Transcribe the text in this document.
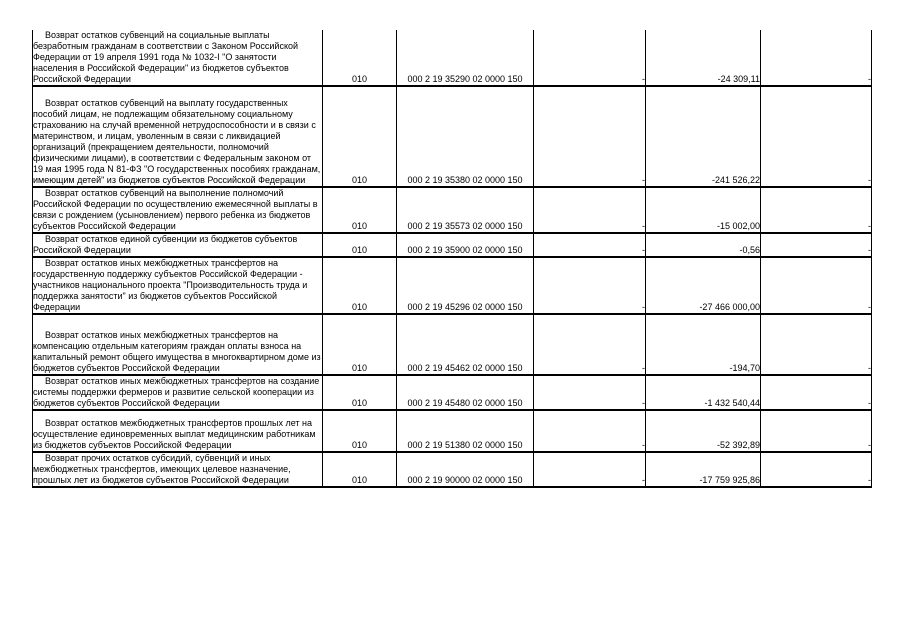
Возврат остатков субвенций на социальные выплаты безработным гражданам в соответствии с Законом Российской Федерации от 19 апреля 1991 года № 1032-I "О занятости населения в Российской Федерации" из бюджетов субъектов Российской Федерации	010	000 2 19 35290 02 0000 150	-	-24 309,11	-
Возврат остатков субвенций на выплату государственных пособий лицам, не подлежащим обязательному социальному страхованию на случай временной нетрудоспособности и в связи с материнством, и лицам, уволенным в связи с ликвидацией организаций (прекращением деятельности, полномочий физическими лицами), в соответствии с Федеральным законом от 19 мая 1995 года N 81-ФЗ "О государственных пособиях гражданам, имеющим детей" из бюджетов субъектов Российской Федерации	010	000 2 19 35380 02 0000 150	-	-241 526,22	-
Возврат остатков субвенций на выполнение полномочий Российской Федерации по осуществлению ежемесячной выплаты в связи с рождением (усыновлением) первого ребенка из бюджетов субъектов Российской Федерации	010	000 2 19 35573 02 0000 150	-	-15 002,00	-
Возврат остатков единой субвенции из бюджетов субъектов Российской Федерации	010	000 2 19 35900 02 0000 150	-	-0,56	-
Возврат остатков иных межбюджетных трансфертов на государственную поддержку субъектов Российской Федерации - участников национального проекта "Производительность труда и поддержка занятости" из бюджетов субъектов Российской Федерации	010	000 2 19 45296 02 0000 150	-	-27 466 000,00	-
Возврат остатков иных межбюджетных трансфертов на компенсацию отдельным категориям граждан оплаты взноса на капитальный ремонт общего имущества в многоквартирном доме из бюджетов субъектов Российской Федерации	010	000 2 19 45462 02 0000 150	-	-194,70	-
Возврат остатков иных межбюджетных трансфертов на создание системы поддержки фермеров и развитие сельской кооперации из бюджетов субъектов Российской Федерации	010	000 2 19 45480 02 0000 150	-	-1 432 540,44	-
Возврат остатков межбюджетных трансфертов прошлых лет на осуществление единовременных выплат медицинским работникам из бюджетов субъектов Российской Федерации	010	000 2 19 51380 02 0000 150	-	-52 392,89	-
Возврат прочих остатков субсидий, субвенций и иных межбюджетных трансфертов, имеющих целевое назначение, прошлых лет из бюджетов субъектов Российской Федерации	010	000 2 19 90000 02 0000 150	-	-17 759 925,86	-
